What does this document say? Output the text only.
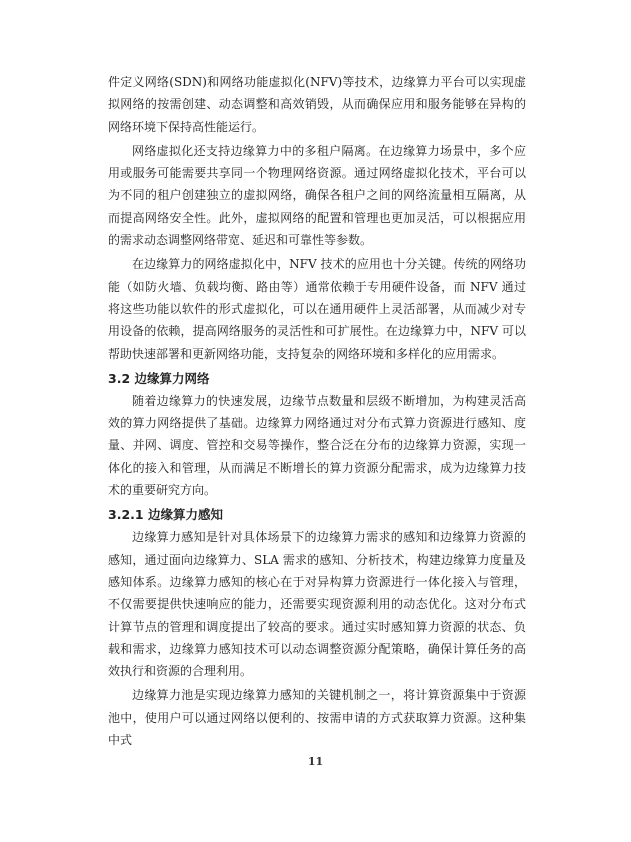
件定义网络(SDN)和网络功能虚拟化(NFV)等技术，边缘算力平台可以实现虚拟网络的按需创建、动态调整和高效销毁，从而确保应用和服务能够在异构的网络环境下保持高性能运行。

网络虚拟化还支持边缘算力中的多租户隔离。在边缘算力场景中，多个应用或服务可能需要共享同一个物理网络资源。通过网络虚拟化技术，平台可以为不同的租户创建独立的虚拟网络，确保各租户之间的网络流量相互隔离，从而提高网络安全性。此外，虚拟网络的配置和管理也更加灵活，可以根据应用的需求动态调整网络带宽、延迟和可靠性等参数。

在边缘算力的网络虚拟化中，NFV 技术的应用也十分关键。传统的网络功能（如防火墙、负载均衡、路由等）通常依赖于专用硬件设备，而 NFV 通过将这些功能以软件的形式虚拟化，可以在通用硬件上灵活部署，从而减少对专用设备的依赖，提高网络服务的灵活性和可扩展性。在边缘算力中，NFV 可以帮助快速部署和更新网络功能，支持复杂的网络环境和多样化的应用需求。

3.2 边缘算力网络

随着边缘算力的快速发展，边缘节点数量和层级不断增加，为构建灵活高效的算力网络提供了基础。边缘算力网络通过对分布式算力资源进行感知、度量、并网、调度、管控和交易等操作，整合泛在分布的边缘算力资源，实现一体化的接入和管理，从而满足不断增长的算力资源分配需求，成为边缘算力技术的重要研究方向。

3.2.1 边缘算力感知

边缘算力感知是针对具体场景下的边缘算力需求的感知和边缘算力资源的感知，通过面向边缘算力、SLA 需求的感知、分析技术，构建边缘算力度量及感知体系。边缘算力感知的核心在于对异构算力资源进行一体化接入与管理，不仅需要提供快速响应的能力，还需要实现资源利用的动态优化。这对分布式计算节点的管理和调度提出了较高的要求。通过实时感知算力资源的状态、负载和需求，边缘算力感知技术可以动态调整资源分配策略，确保计算任务的高效执行和资源的合理利用。

边缘算力池是实现边缘算力感知的关键机制之一，将计算资源集中于资源池中，使用户可以通过网络以便利的、按需申请的方式获取算力资源。这种集中式

11
